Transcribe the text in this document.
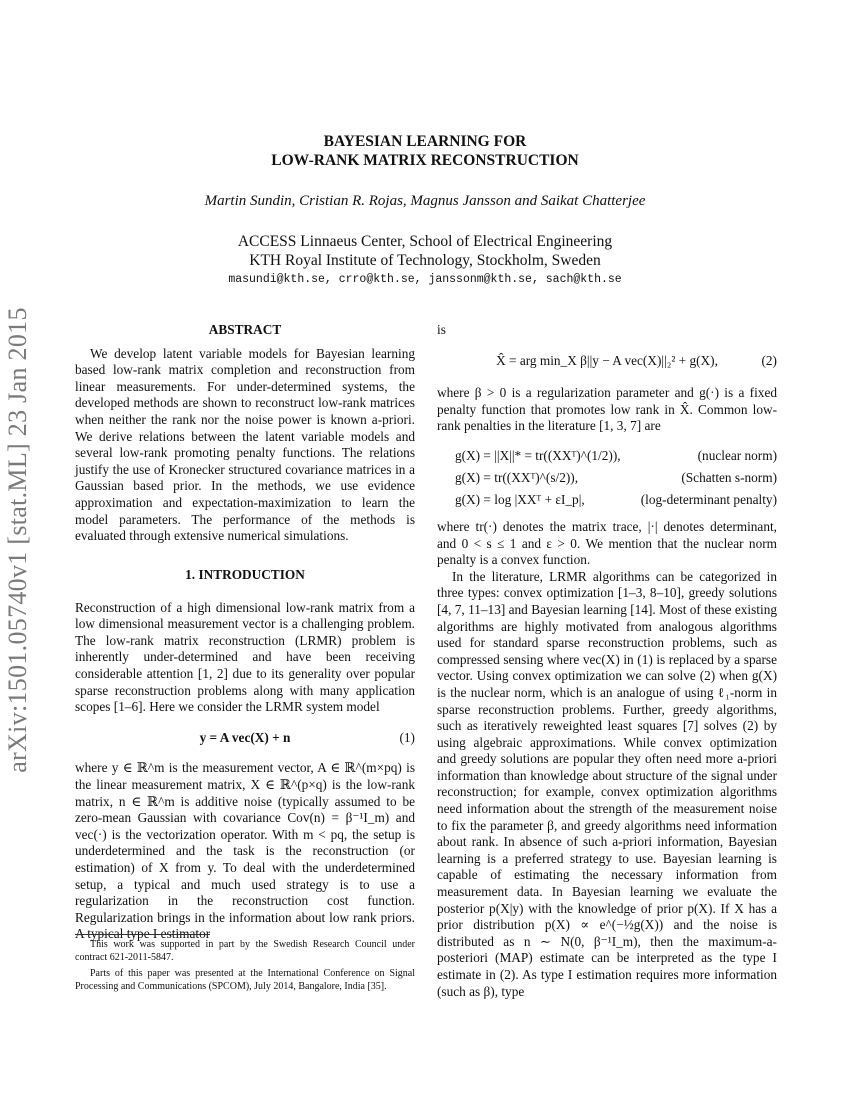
arXiv:1501.05740v1 [stat.ML] 23 Jan 2015
BAYESIAN LEARNING FOR
LOW-RANK MATRIX RECONSTRUCTION
Martin Sundin, Cristian R. Rojas, Magnus Jansson and Saikat Chatterjee
ACCESS Linnaeus Center, School of Electrical Engineering
KTH Royal Institute of Technology, Stockholm, Sweden
masundi@kth.se, crro@kth.se, janssonm@kth.se, sach@kth.se
ABSTRACT

We develop latent variable models for Bayesian learning based low-rank matrix completion and reconstruction from linear measurements. For under-determined systems, the developed methods are shown to reconstruct low-rank matrices when neither the rank nor the noise power is known a-priori. We derive relations between the latent variable models and several low-rank promoting penalty functions. The relations justify the use of Kronecker structured covariance matrices in a Gaussian based prior. In the methods, we use evidence approximation and expectation-maximization to learn the model parameters. The performance of the methods is evaluated through extensive numerical simulations.

1. INTRODUCTION

Reconstruction of a high dimensional low-rank matrix from a low dimensional measurement vector is a challenging problem. The low-rank matrix reconstruction (LRMR) problem is inherently under-determined and have been receiving considerable attention [1, 2] due to its generality over popular sparse reconstruction problems along with many application scopes [1–6]. Here we consider the LRMR system model

y = A vec(X) + n	(1)

where y ∈ ℝ^m is the measurement vector, A ∈ ℝ^(m×pq) is the linear measurement matrix, X ∈ ℝ^(p×q) is the low-rank matrix, n ∈ ℝ^m is additive noise (typically assumed to be zero-mean Gaussian with covariance Cov(n) = β⁻¹I_m) and vec(·) is the vectorization operator. With m < pq, the setup is underdetermined and the task is the reconstruction (or estimation) of X from y. To deal with the underdetermined setup, a typical and much used strategy is to use a regularization in the reconstruction cost function. Regularization brings in the information about low rank priors. A typical type I estimator

This work was supported in part by the Swedish Research Council under contract 621-2011-5847.

Parts of this paper was presented at the International Conference on Signal Processing and Communications (SPCOM), July 2014, Bangalore, India [35].

is
X̂ = arg min_X β||y − A vec(X)||₂² + g(X),	(2)

where β > 0 is a regularization parameter and g(·) is a fixed penalty function that promotes low rank in X̂. Common low-rank penalties in the literature [1, 3, 7] are

g(X) = ||X||* = tr((XXᵀ)^(1/2)),	(nuclear norm)
g(X) = tr((XXᵀ)^(s/2)),	(Schatten s-norm)
g(X) = log |XXᵀ + εI_p|,	(log-determinant penalty)

where tr(·) denotes the matrix trace, |·| denotes determinant, and 0 < s ≤ 1 and ε > 0. We mention that the nuclear norm penalty is a convex function.

In the literature, LRMR algorithms can be categorized in three types: convex optimization [1–3, 8–10], greedy solutions [4, 7, 11–13] and Bayesian learning [14]. Most of these existing algorithms are highly motivated from analogous algorithms used for standard sparse reconstruction problems, such as compressed sensing where vec(X) in (1) is replaced by a sparse vector. Using convex optimization we can solve (2) when g(X) is the nuclear norm, which is an analogue of using ℓ₁-norm in sparse reconstruction problems. Further, greedy algorithms, such as iteratively reweighted least squares [7] solves (2) by using algebraic approximations. While convex optimization and greedy solutions are popular they often need more a-priori information than knowledge about structure of the signal under reconstruction; for example, convex optimization algorithms need information about the strength of the measurement noise to fix the parameter β, and greedy algorithms need information about rank. In absence of such a-priori information, Bayesian learning is a preferred strategy to use. Bayesian learning is capable of estimating the necessary information from measurement data. In Bayesian learning we evaluate the posterior p(X|y) with the knowledge of prior p(X). If X has a prior distribution p(X) ∝ e^(−½g(X)) and the noise is distributed as n ∼ N(0, β⁻¹I_m), then the maximum-a-posteriori (MAP) estimate can be interpreted as the type I estimate in (2). As type I estimation requires more information (such as β), type
